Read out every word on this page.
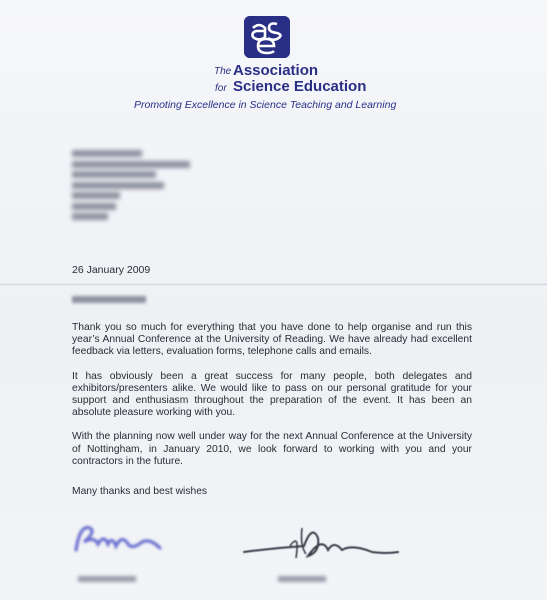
The Association
for Science Education
Promoting Excellence in Science Teaching and Learning
26 January 2009

Thank you so much for everything that you have done to help organise and run this year’s Annual Conference at the University of Reading. We have already had excellent feedback via letters, evaluation forms, telephone calls and emails.

It has obviously been a great success for many people, both delegates and exhibitors/presenters alike. We would like to pass on our personal gratitude for your support and enthusiasm throughout the preparation of the event. It has been an absolute pleasure working with you.

With the planning now well under way for the next Annual Conference at the University of Nottingham, in January 2010, we look forward to working with you and your contractors in the future.

Many thanks and best wishes
